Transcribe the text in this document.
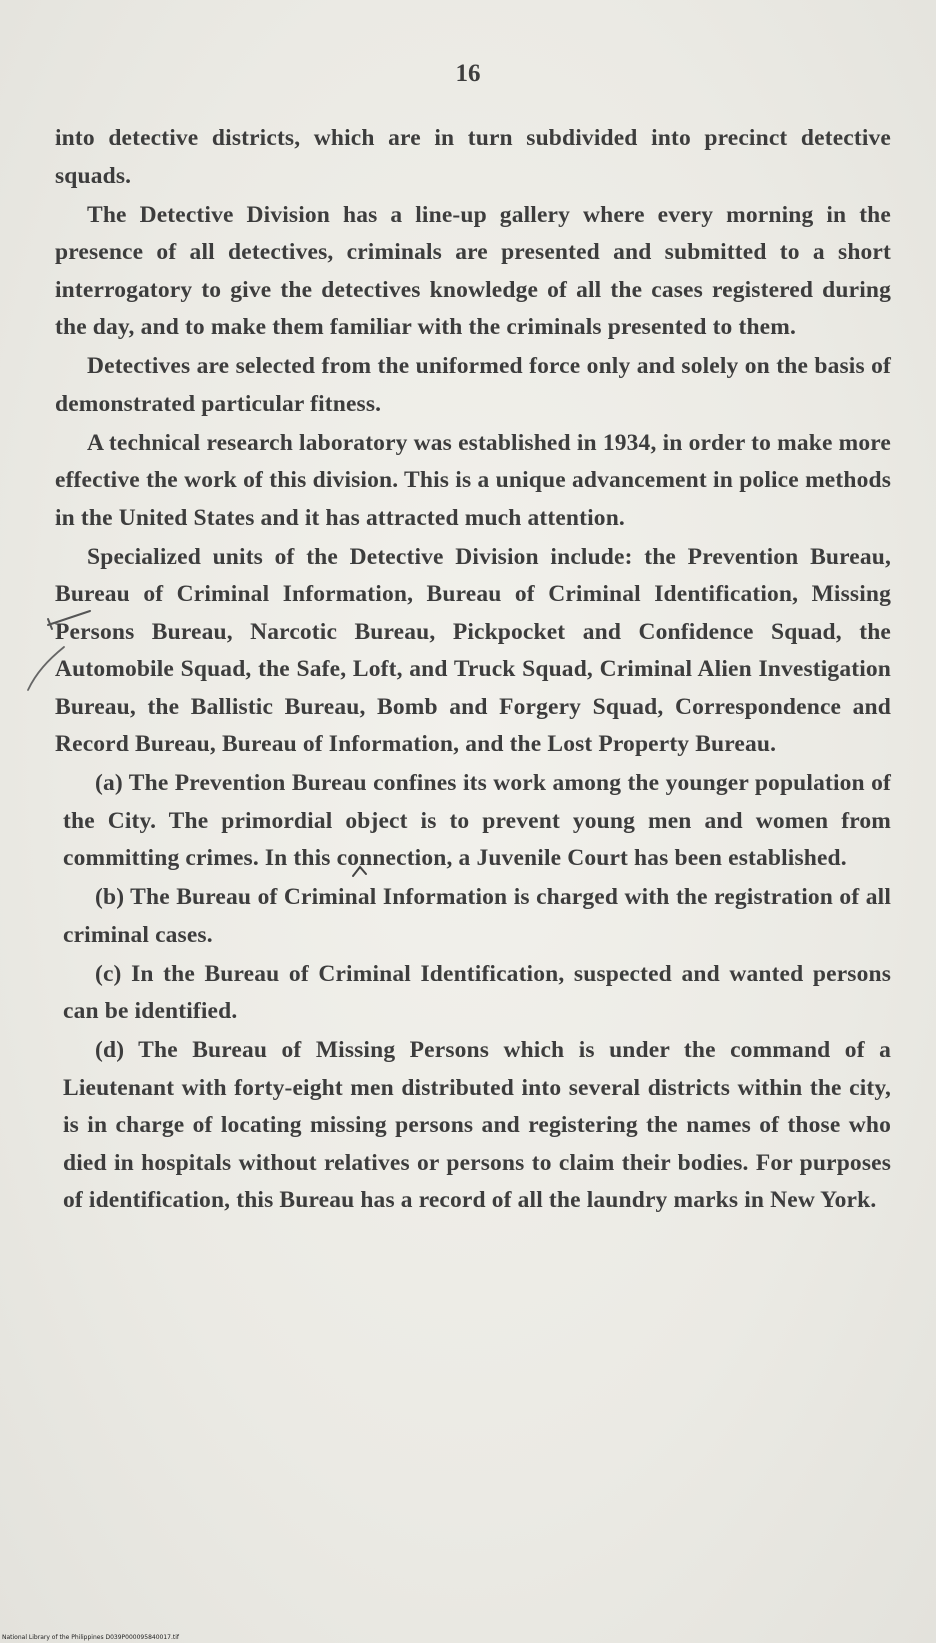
16

into detective districts, which are in turn subdivided into precinct detective squads.

The Detective Division has a line-up gallery where every morning in the presence of all detectives, criminals are presented and submitted to a short interrogatory to give the detectives knowledge of all the cases registered during the day, and to make them familiar with the criminals presented to them.

Detectives are selected from the uniformed force only and solely on the basis of demonstrated particular fitness.

A technical research laboratory was established in 1934, in order to make more effective the work of this division. This is a unique advancement in police methods in the United States and it has attracted much attention.

Specialized units of the Detective Division include: the Prevention Bureau, Bureau of Criminal Information, Bureau of Criminal Identification, Missing Persons Bureau, Narcotic Bureau, Pickpocket and Confidence Squad, the Automobile Squad, the Safe, Loft, and Truck Squad, Criminal Alien Investigation Bureau, the Ballistic Bureau, Bomb and Forgery Squad, Correspondence and Record Bureau, Bureau of Information, and the Lost Property Bureau.

(a) The Prevention Bureau confines its work among the younger population of the City. The primordial object is to prevent young men and women from committing crimes. In this connection, a Juvenile Court has been established.

(b) The Bureau of Criminal Information is charged with the registration of all criminal cases.

(c) In the Bureau of Criminal Identification, suspected and wanted persons can be identified.

(d) The Bureau of Missing Persons which is under the command of a Lieutenant with forty-eight men distributed into several districts within the city, is in charge of locating missing persons and registering the names of those who died in hospitals without relatives or persons to claim their bodies. For purposes of identification, this Bureau has a record of all the laundry marks in New York.

National Library of the Philippines D039P000095840017.tif
